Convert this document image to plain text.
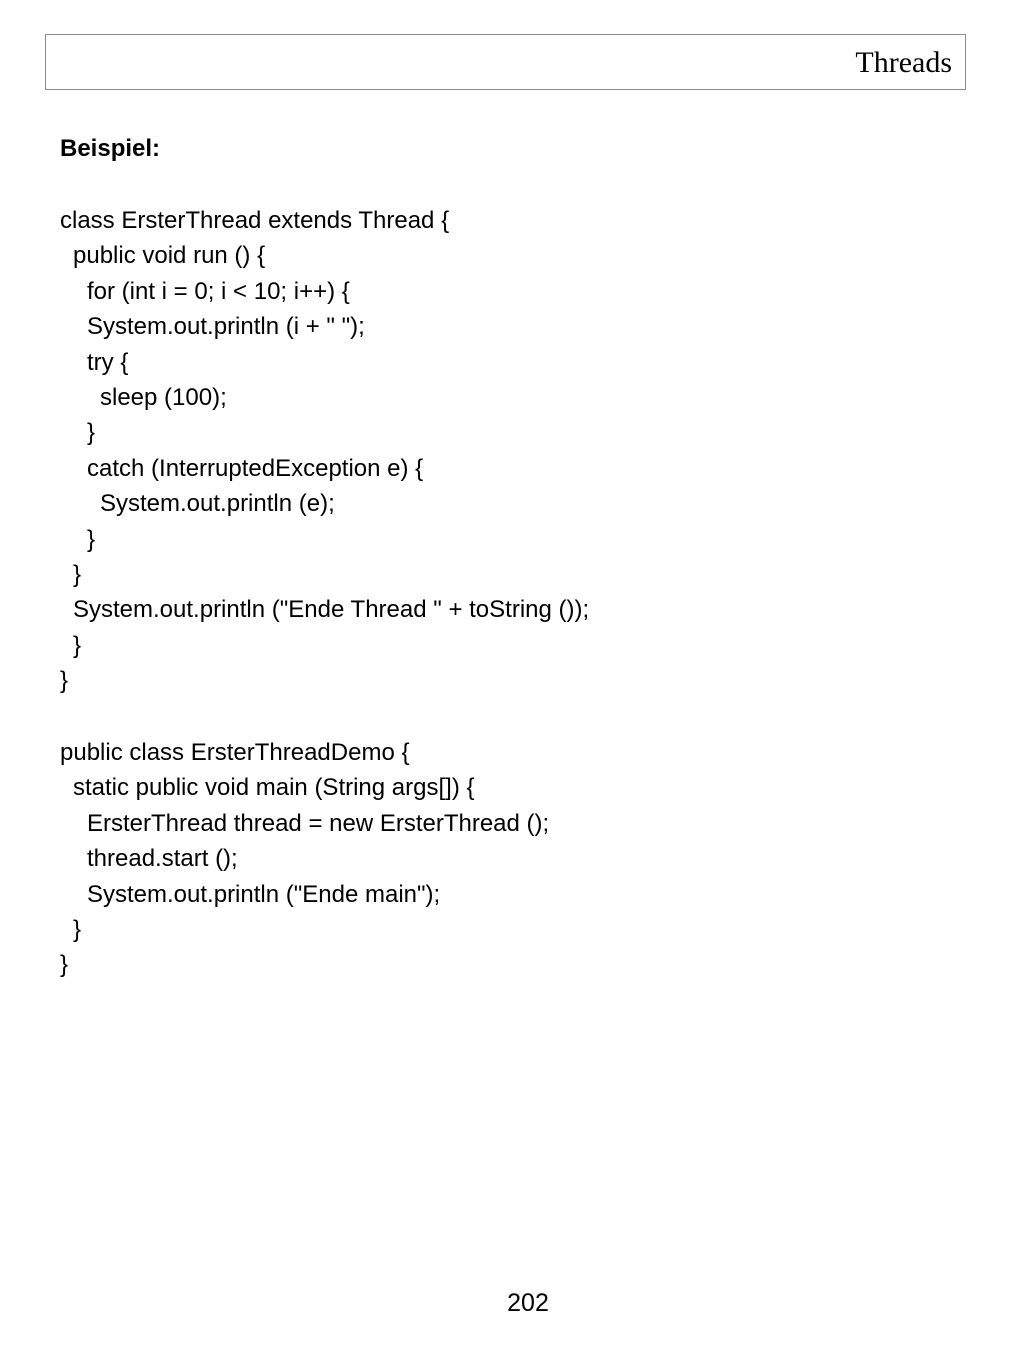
Threads
Beispiel:
class ErsterThread extends Thread {
public void run () {
for (int i = 0; i < 10; i++) {
System.out.println (i + " ");
try {
sleep (100);
}
catch (InterruptedException e) {
System.out.println (e);
}
}
System.out.println ("Ende Thread " + toString ());
}
}
public class ErsterThreadDemo {
static public void main (String args[]) {
ErsterThread thread = new ErsterThread ();
thread.start ();
System.out.println ("Ende main");
}
}
202
